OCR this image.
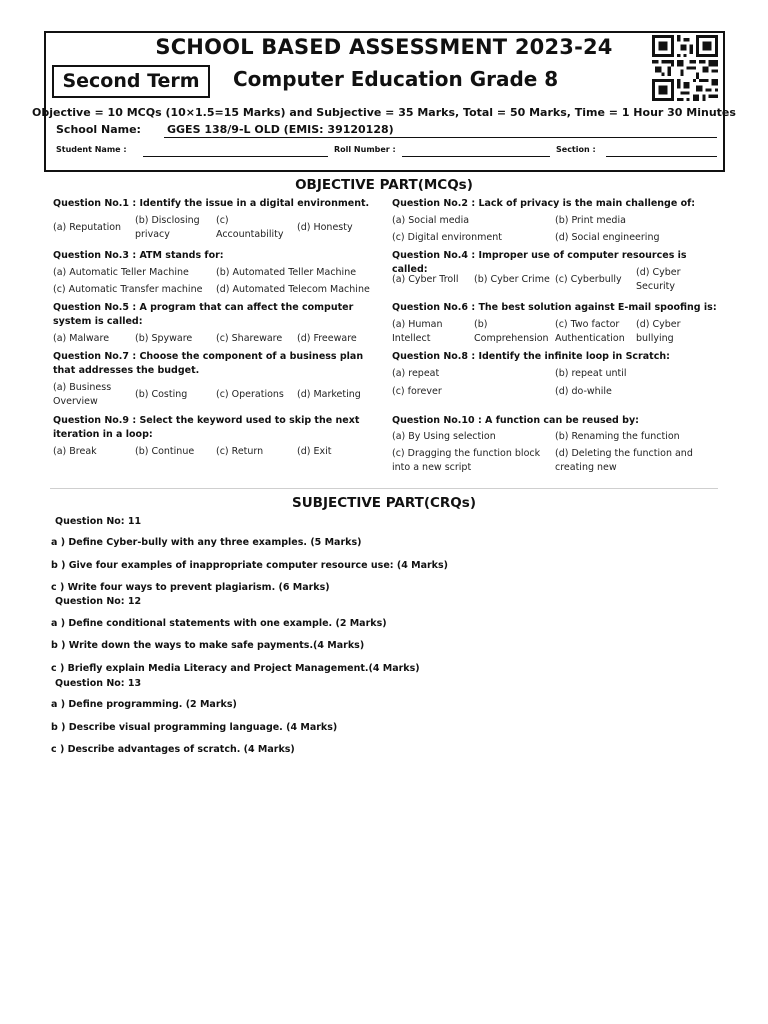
SCHOOL BASED ASSESSMENT 2023-24
Second Term	Computer Education Grade 8
Objective = 10 MCQs (10×1.5=15 Marks) and Subjective = 35 Marks, Total = 50 Marks, Time = 1 Hour 30 Minutes
School Name: GGES 138/9-L OLD (EMIS: 39120128)
Student Name :	Roll Number :	Section :
OBJECTIVE PART(MCQs)
Question No.1 : Identify the issue in a digital environment.
(a) Reputation
(b) Disclosing privacy
(c) Accountability
(d) Honesty
Question No.2 : Lack of privacy is the main challenge of:
(a) Social media	(b) Print media
(c) Digital environment	(d) Social engineering
Question No.3 : ATM stands for:
(a) Automatic Teller Machine	(b) Automated Teller Machine
(c) Automatic Transfer machine	(d) Automated Telecom Machine
Question No.4 : Improper use of computer resources is called:
(a) Cyber Troll	(b) Cyber Crime (c) Cyberbully
(d) Cyber Security
Question No.5 : A program that can affect the computer system is called:
(a) Malware	(b) Spyware	(c) Shareware	(d) Freeware
Question No.6 : The best solution against E-mail spoofing is:
(a) Human Intellect
(b) Comprehension
(c) Two factor Authentication
(d) Cyber bullying
Question No.7 : Choose the component of a business plan that addresses the budget.
(a) Business Overview
(b) Costing	(c) Operations	(d) Marketing
Question No.8 : Identify the infinite loop in Scratch:
(a) repeat	(b) repeat until
(c) forever	(d) do-while
Question No.9 : Select the keyword used to skip the next iteration in a loop:
(a) Break	(b) Continue	(c) Return	(d) Exit
Question No.10 : A function can be reused by:
(a) By Using selection	(b) Renaming the function
(c) Dragging the function block into a new script
(d) Deleting the function and creating new
SUBJECTIVE PART(CRQs)
Question No: 11
a ) Define Cyber-bully with any three examples. (5 Marks)
b ) Give four examples of inappropriate computer resource use: (4 Marks)
c ) Write four ways to prevent plagiarism. (6 Marks)
Question No: 12
a ) Define conditional statements with one example. (2 Marks)
b ) Write down the ways to make safe payments.(4 Marks)
c ) Briefly explain Media Literacy and Project Management.(4 Marks)
Question No: 13
a ) Define programming. (2 Marks)
b ) Describe visual programming language. (4 Marks)
c ) Describe advantages of scratch. (4 Marks)
